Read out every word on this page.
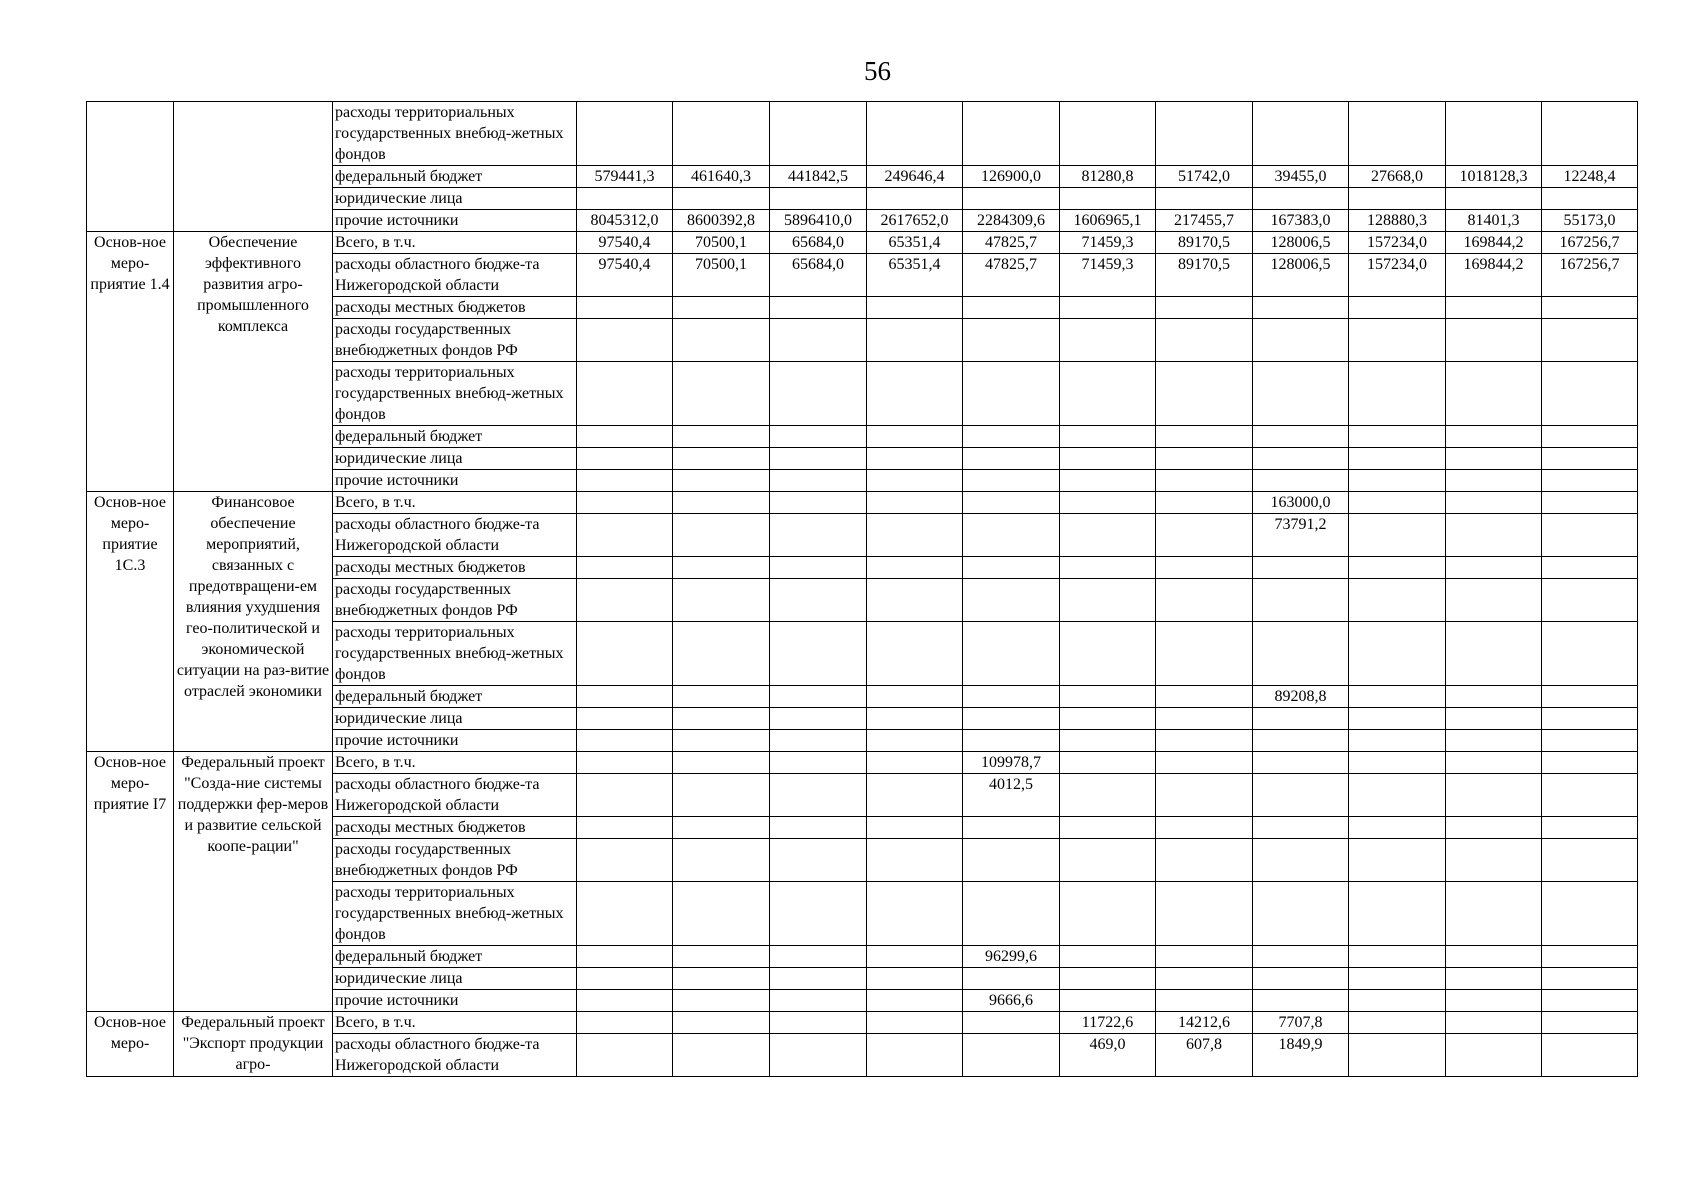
56
		расходы территориальных государственных внебюд-жетных фондов											
		федеральный бюджет	579441,3	461640,3	441842,5	249646,4	126900,0	81280,8	51742,0	39455,0	27668,0	1018128,3	12248,4
		юридические лица											
		прочие источники	8045312,0	8600392,8	5896410,0	2617652,0	2284309,6	1606965,1	217455,7	167383,0	128880,3	81401,3	55173,0
Основ-ное меро-приятие 1.4	Обеспечение эффективного развития агро-промышленного комплекса	Всего, в т.ч.	97540,4	70500,1	65684,0	65351,4	47825,7	71459,3	89170,5	128006,5	157234,0	169844,2	167256,7
		расходы областного бюдже-та Нижегородской области	97540,4	70500,1	65684,0	65351,4	47825,7	71459,3	89170,5	128006,5	157234,0	169844,2	167256,7
		расходы местных бюджетов											
		расходы государственных внебюджетных фондов РФ											
		расходы территориальных государственных внебюд-жетных фондов											
		федеральный бюджет											
		юридические лица											
		прочие источники											
Основ-ное меро-приятие 1С.3	Финансовое обеспечение мероприятий, связанных с предотвращени-ем влияния ухудшения гео-политической и экономической ситуации на раз-витие отраслей экономики	Всего, в т.ч.								163000,0			
		расходы областного бюдже-та Нижегородской области								73791,2			
		расходы местных бюджетов											
		расходы государственных внебюджетных фондов РФ											
		расходы территориальных государственных внебюд-жетных фондов											
		федеральный бюджет								89208,8			
		юридические лица											
		прочие источники											
Основ-ное меро-приятие I7	Федеральный проект "Созда-ние системы поддержки фер-меров и развитие сельской коопе-рации"	Всего, в т.ч.					109978,7						
		расходы областного бюдже-та Нижегородской области					4012,5						
		расходы местных бюджетов											
		расходы государственных внебюджетных фондов РФ											
		расходы территориальных государственных внебюд-жетных фондов											
		федеральный бюджет					96299,6						
		юридические лица											
		прочие источники					9666,6						
Основ-ное меро-	Федеральный проект "Экспорт продукции агро-	Всего, в т.ч.						11722,6	14212,6	7707,8			
		расходы областного бюдже-та Нижегородской области						469,0	607,8	1849,9			
